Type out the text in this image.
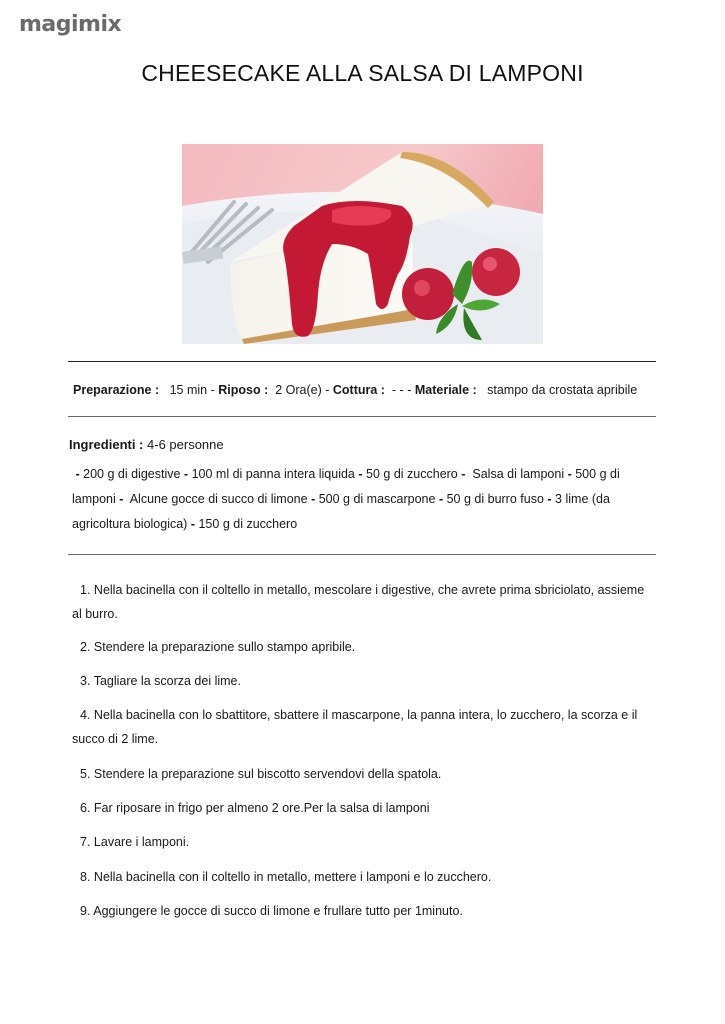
magimix
CHEESECAKE ALLA SALSA DI LAMPONI
Preparazione : 15 min - Riposo : 2 Ora(e) - Cottura : - - - Materiale : stampo da crostata apribile
Ingredienti : 4-6 personne
- 200 g di digestive - 100 ml di panna intera liquida - 50 g di zucchero - Salsa di lamponi - 500 g di lamponi - Alcune gocce di succo di limone - 500 g di mascarpone - 50 g di burro fuso - 3 lime (da agricoltura biologica) - 150 g di zucchero
1. Nella bacinella con il coltello in metallo, mescolare i digestive, che avrete prima sbriciolato, assieme al burro.
2. Stendere la preparazione sullo stampo apribile.
3. Tagliare la scorza dei lime.
4. Nella bacinella con lo sbattitore, sbattere il mascarpone, la panna intera, lo zucchero, la scorza e il succo di 2 lime.
5. Stendere la preparazione sul biscotto servendovi della spatola.
6. Far riposare in frigo per almeno 2 ore.Per la salsa di lamponi
7. Lavare i lamponi.
8. Nella bacinella con il coltello in metallo, mettere i lamponi e lo zucchero.
9. Aggiungere le gocce di succo di limone e frullare tutto per 1minuto.
